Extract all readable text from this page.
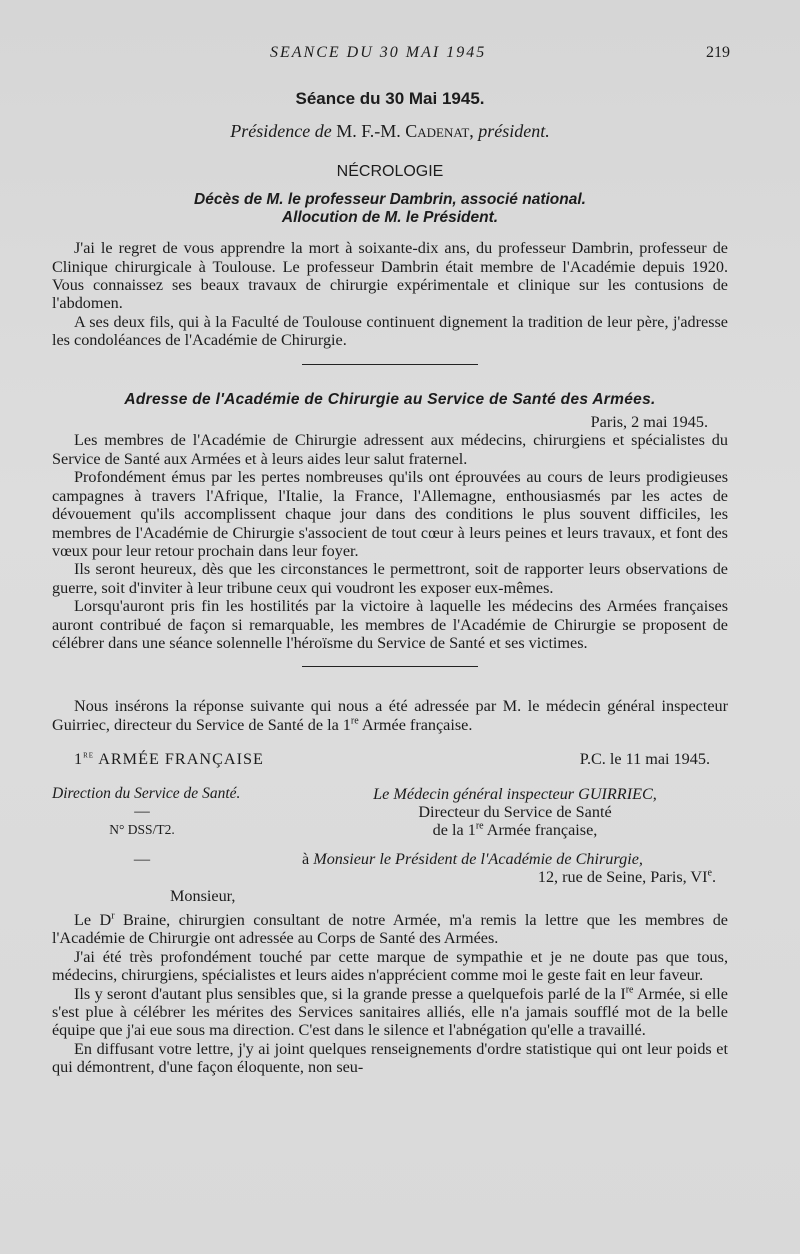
SEANCE DU 30 MAI 1945	219
Séance du 30 Mai 1945.
Présidence de M. F.-M. Cadenat, président.
NÉCROLOGIE
Décès de M. le professeur Dambrin, associé national.
Allocution de M. le Président.

J'ai le regret de vous apprendre la mort à soixante-dix ans, du professeur Dambrin, professeur de Clinique chirurgicale à Toulouse. Le professeur Dambrin était membre de l'Académie depuis 1920. Vous connaissez ses beaux travaux de chirurgie expérimentale et clinique sur les contusions de l'abdomen.

A ses deux fils, qui à la Faculté de Toulouse continuent dignement la tradition de leur père, j'adresse les condoléances de l'Académie de Chirurgie.

Adresse de l'Académie de Chirurgie au Service de Santé des Armées.
Paris, 2 mai 1945.

Les membres de l'Académie de Chirurgie adressent aux médecins, chirurgiens et spécialistes du Service de Santé aux Armées et à leurs aides leur salut fraternel.

Profondément émus par les pertes nombreuses qu'ils ont éprouvées au cours de leurs prodigieuses campagnes à travers l'Afrique, l'Italie, la France, l'Allemagne, enthousiasmés par les actes de dévouement qu'ils accomplissent chaque jour dans des conditions le plus souvent difficiles, les membres de l'Académie de Chirurgie s'associent de tout cœur à leurs peines et leurs travaux, et font des vœux pour leur retour prochain dans leur foyer.

Ils seront heureux, dès que les circonstances le permettront, soit de rapporter leurs observations de guerre, soit d'inviter à leur tribune ceux qui voudront les exposer eux-mêmes.

Lorsqu'auront pris fin les hostilités par la victoire à laquelle les médecins des Armées françaises auront contribué de façon si remarquable, les membres de l'Académie de Chirurgie se proposent de célébrer dans une séance solennelle l'héroïsme du Service de Santé et ses victimes.

Nous insérons la réponse suivante qui nous a été adressée par M. le médecin général inspecteur Guirriec, directeur du Service de Santé de la 1re Armée française.

1re ARMÉE FRANÇAISE	P.C. le 11 mai 1945.
Direction du Service de Santé.
—
N° DSS/T2.
Le Médecin général inspecteur GUIRRIEC,
Directeur du Service de Santé
de la 1re Armée française,
—	à Monsieur le Président de l'Académie de Chirurgie,
12, rue de Seine, Paris, VIe.
Monsieur,

Le $D^r$ Braine, chirurgien consultant de notre Armée, m'a remis la lettre que les membres de l'Académie de Chirurgie ont adressée au Corps de Santé des Armées.

J'ai été très profondément touché par cette marque de sympathie et je ne doute pas que tous, médecins, chirurgiens, spécialistes et leurs aides n'apprécient comme moi le geste fait en leur faveur.

Ils y seront d'autant plus sensibles que, si la grande presse a quelquefois parlé de la Ire Armée, si elle s'est plue à célébrer les mérites des Services sanitaires alliés, elle n'a jamais soufflé mot de la belle équipe que j'ai eue sous ma direction. C'est dans le silence et l'abnégation qu'elle a travaillé.

En diffusant votre lettre, j'y ai joint quelques renseignements d'ordre statistique qui ont leur poids et qui démontrent, d'une façon éloquente, non seu-
